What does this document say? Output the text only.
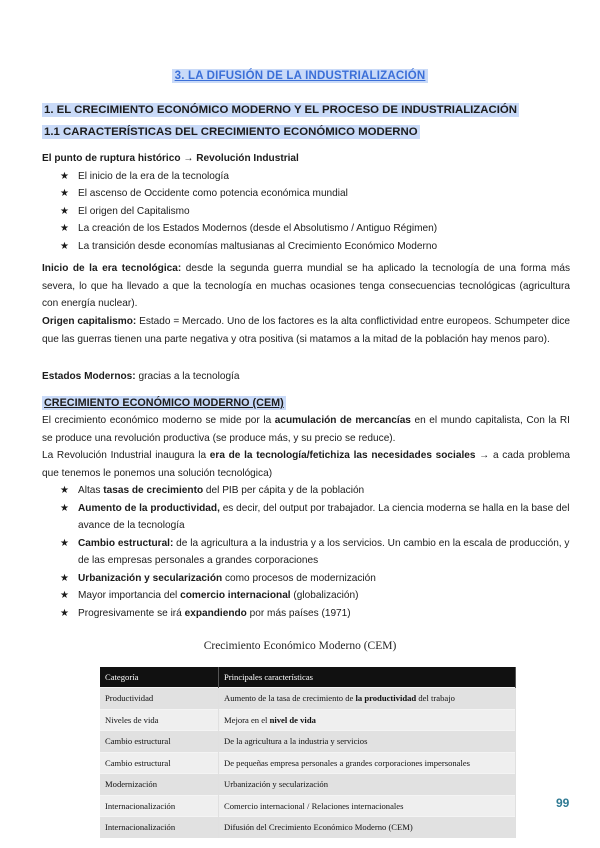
3. LA DIFUSIÓN DE LA INDUSTRIALIZACIÓN
1. EL CRECIMIENTO ECONÓMICO MODERNO Y EL PROCESO DE INDUSTRIALIZACIÓN
1.1 CARACTERÍSTICAS DEL CRECIMIENTO ECONÓMICO MODERNO

El punto de ruptura histórico → Revolución Industrial

★ El inicio de la era de la tecnología
★ El ascenso de Occidente como potencia económica mundial
★ El origen del Capitalismo
★ La creación de los Estados Modernos (desde el Absolutismo / Antiguo Régimen)
★ La transición desde economías maltusianas al Crecimiento Económico Moderno

Inicio de la era tecnológica: desde la segunda guerra mundial se ha aplicado la tecnología de una forma más severa, lo que ha llevado a que la tecnología en muchas ocasiones tenga consecuencias tecnológicas (agricultura con energía nuclear).

Origen capitalismo: Estado = Mercado. Uno de los factores es la alta conflictividad entre europeos. Schumpeter dice que las guerras tienen una parte negativa y otra positiva (si matamos a la mitad de la población hay menos paro).

Estados Modernos: gracias a la tecnología

CRECIMIENTO ECONÓMICO MODERNO (CEM)

El crecimiento económico moderno se mide por la acumulación de mercancías en el mundo capitalista, Con la RI se produce una revolución productiva (se produce más, y su precio se reduce).

La Revolución Industrial inaugura la era de la tecnología/fetichiza las necesidades sociales → a cada problema que tenemos le ponemos una solución tecnológica)

★ Altas tasas de crecimiento del PIB per cápita y de la población
★ Aumento de la productividad, es decir, del output por trabajador. La ciencia moderna se halla en la base del avance de la tecnología
★ Cambio estructural: de la agricultura a la industria y a los servicios. Un cambio en la escala de producción, y de las empresas personales a grandes corporaciones
★ Urbanización y secularización como procesos de modernización
★ Mayor importancia del comercio internacional (globalización)
★ Progresivamente se irá expandiendo por más países (1971)
Crecimiento Económico Moderno (CEM)
Categoría	Principales características
Productividad	Aumento de la tasa de crecimiento de la productividad del trabajo
Niveles de vida	Mejora en el nivel de vida
Cambio estructural	De la agricultura a la industria y servicios
Cambio estructural	De pequeñas empresa personales a grandes corporaciones impersonales
Modernización	Urbanización y secularización
Internacionalización	Comercio internacional / Relaciones internacionales
Internacionalización	Difusión del Crecimiento Económico Moderno (CEM)
99
